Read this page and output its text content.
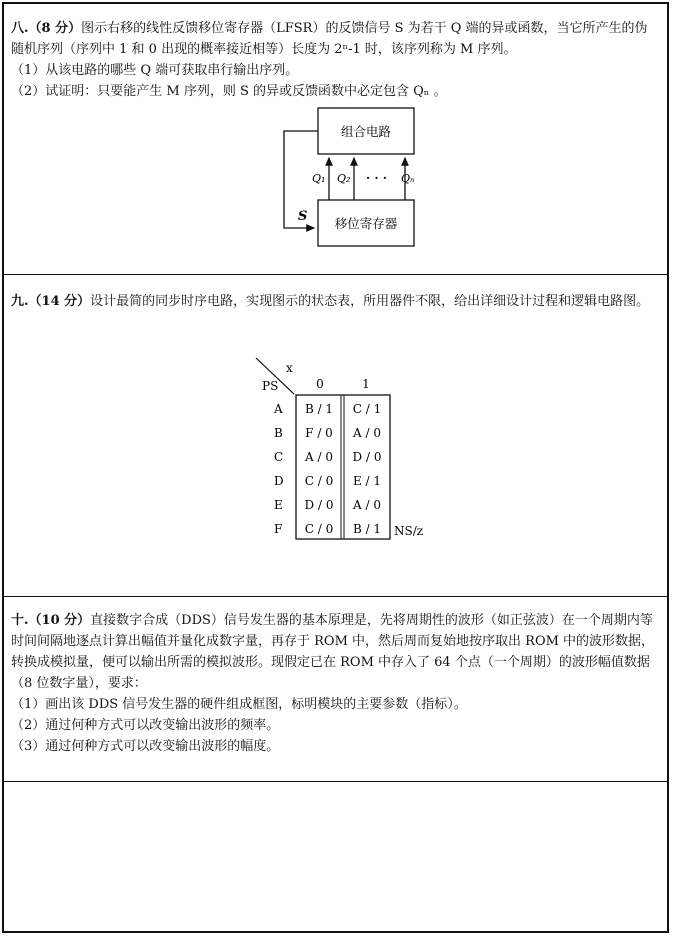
八.（8 分）图示右移的线性反馈移位寄存器（LFSR）的反馈信号 S 为若干 Q 端的异或函数，当它所产生的伪随机序列（序列中 1 和 0 出现的概率接近相等）长度为 2ⁿ-1 时，该序列称为 M 序列。

（1）从该电路的哪些 Q 端可获取串行输出序列。

（2）试证明：只要能产生 M 序列，则 S 的异或反馈函数中必定包含 Qₙ 。

组合电路
移位寄存器
S
Q₁ Q₂ · · · Qₙ

九.（14 分）设计最简的同步时序电路，实现图示的状态表，所用器件不限，给出详细设计过程和逻辑电路图。

x
PS	0	1
A B / 1 C / 1
B F / 0 A / 0
C A / 0 D / 0
D C / 0 E / 1
E D / 0 A / 0
F C / 0 B / 1 NS/z

十.（10 分）直接数字合成（DDS）信号发生器的基本原理是，先将周期性的波形（如正弦波）在一个周期内等时间间隔地逐点计算出幅值并量化成数字量，再存于 ROM 中，然后周而复始地按序取出 ROM 中的波形数据，转换成模拟量，便可以输出所需的模拟波形。现假定已在 ROM 中存入了 64 个点（一个周期）的波形幅值数据（8 位数字量），要求：

（1）画出该 DDS 信号发生器的硬件组成框图，标明模块的主要参数（指标）。

（2）通过何种方式可以改变输出波形的频率。

（3）通过何种方式可以改变输出波形的幅度。
